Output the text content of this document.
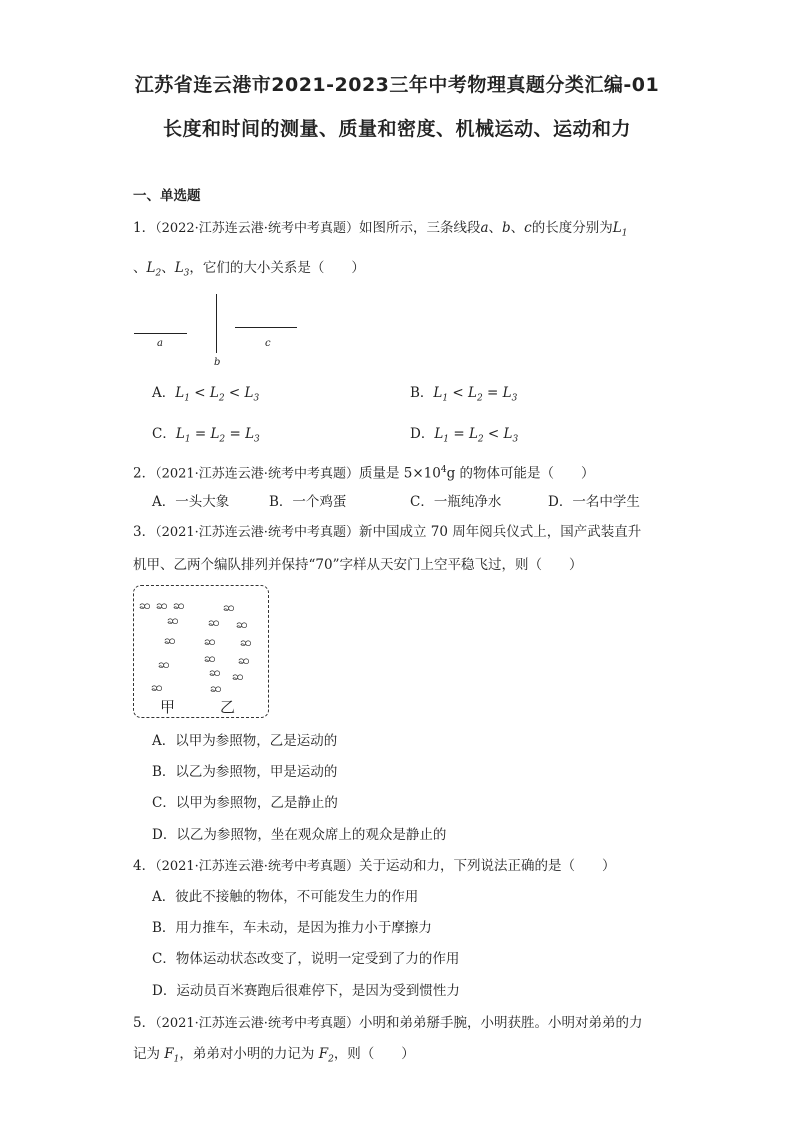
江苏省连云港市2021-2023三年中考物理真题分类汇编-01
长度和时间的测量、质量和密度、机械运动、运动和力
一、单选题
1．（2022·江苏连云港·统考中考真题）如图所示，三条线段a、b、c的长度分别为$L_1$
、$L_2$、$L_3$，它们的大小关系是（　　）
a
b
c
A．$L_1 < L_2 < L_3$	B．$L_1 < L_2 = L_3$
C．$L_1 = L_2 = L_3$	D．$L_1 = L_2 < L_3$
2．（2021·江苏连云港·统考中考真题）质量是 $5\times 10^4g$ 的物体可能是（　　）
A．一头大象	B．一个鸡蛋	C．一瓶纯净水	D．一名中学生
3．（2021·江苏连云港·统考中考真题）新中国成立 70 周年阅兵仪式上，国产武装直升
机甲、乙两个编队排列并保持“70”字样从天安门上空平稳飞过，则（　　）
ဆ ဆ ဆ
ဆ
ဆ
ဆ
ဆ
ဆ
ဆ ဆ
ဆ ဆ
ဆ ဆ
ဆ ဆ
ဆ
甲	乙
A．以甲为参照物，乙是运动的
B．以乙为参照物，甲是运动的
C．以甲为参照物，乙是静止的
D．以乙为参照物，坐在观众席上的观众是静止的
4．（2021·江苏连云港·统考中考真题）关于运动和力，下列说法正确的是（　　）
A．彼此不接触的物体，不可能发生力的作用
B．用力推车，车未动，是因为推力小于摩擦力
C．物体运动状态改变了，说明一定受到了力的作用
D．运动员百米赛跑后很难停下，是因为受到惯性力
5．（2021·江苏连云港·统考中考真题）小明和弟弟掰手腕，小明获胜。小明对弟弟的力
记为 $F_1$，弟弟对小明的力记为 $F_2$，则（　　）
